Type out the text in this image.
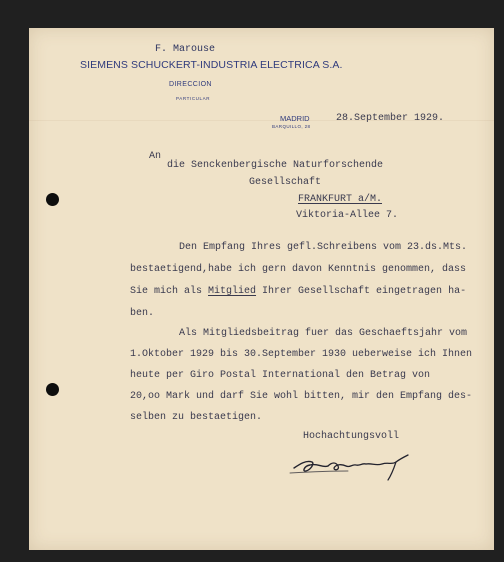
F. Marouse
SIEMENS SCHUCKERT-INDUSTRIA ELECTRICA S.A.
DIRECCION
PARTICULAR
MADRID
BARQUILLO, 28
28.September 1929.
An
die Senckenbergische Naturforschende
Gesellschaft
FRANKFURT a/M.
Viktoria-Allee 7.
Den Empfang Ihres gefl.Schreibens vom 23.ds.Mts.
bestaetigend,habe ich gern davon Kenntnis genommen, dass
Sie mich als Mitglied Ihrer Gesellschaft eingetragen ha-
ben.
Als Mitgliedsbeitrag fuer das Geschaeftsjahr vom
1.Oktober 1929 bis 30.September 1930 ueberweise ich Ihnen
heute per Giro Postal International den Betrag von
20,oo Mark und darf Sie wohl bitten, mir den Empfang des-
selben zu bestaetigen.
Hochachtungsvoll
